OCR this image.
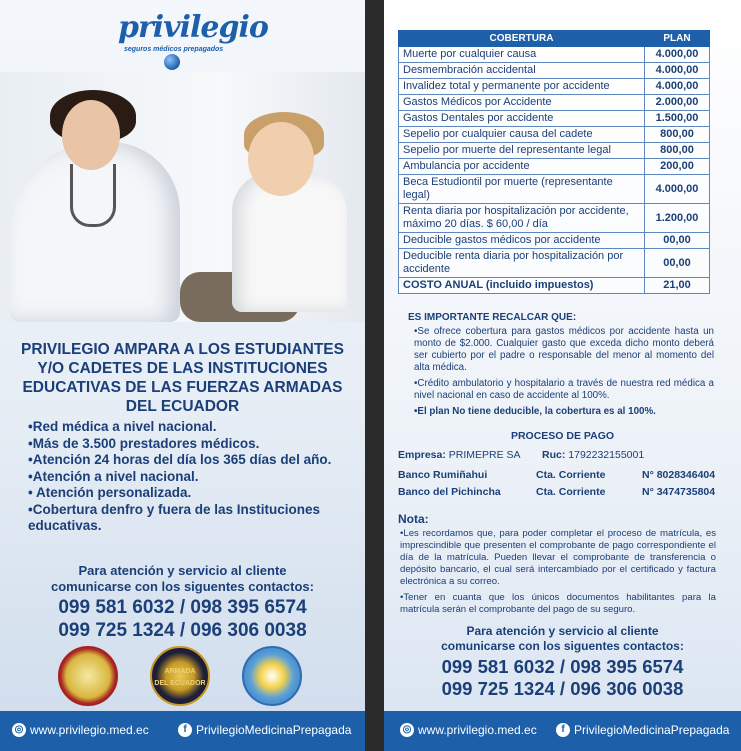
privilegio
seguros médicos prepagados
PRIVILEGIO AMPARA A LOS ESTUDIANTES Y/O CADETES DE LAS INSTITUCIONES EDUCATIVAS DE LAS FUERZAS ARMADAS DEL ECUADOR
•Red médica a nivel nacional.
•Más de 3.500 prestadores médicos.
•Atención 24 horas del día los 365 días del año.
•Atención a nivel nacional.
• Atención personalizada.
•Cobertura denfro y fuera de las Instituciones educativas.
Para atención y servicio al cliente
comunicarse con los siguentes contactos:
099 581 6032 / 098 395 6574
099 725 1324 / 096 306 0038
ARMADA
DEL ECUADOR
◎ www.privilegio.med.ec	f PrivilegioMedicinaPrepagada
COBERTURA	PLAN
Muerte por cualquier causa	4.000,00
Desmembración accidental	4.000,00
Invalidez total y permanente por accidente	4.000,00
Gastos Médicos por Accidente	2.000,00
Gastos Dentales por accidente	1.500,00
Sepelio por cualquier causa del cadete	800,00
Sepelio por muerte del representante legal	800,00
Ambulancia por accidente	200,00
Beca Estudiontil por muerte (representante legal)	4.000,00
Renta diaria por hospitalización por accidente, máximo 20 días. $ 60,00 / día	1.200,00
Deducible gastos médicos por accidente	00,00
Deducible renta diaria por hospitalización por accidente	00,00
COSTO ANUAL (incluido impuestos)	21,00
ES IMPORTANTE RECALCAR QUE:
•Se ofrece cobertura para gastos médicos por accidente hasta un monto de $2.000. Cualquier gasto que exceda dicho monto deberá ser cubierto por el padre o responsable del menor al momento del alta médica.
•Crédito ambulatorio y hospitalario a través de nuestra red médica a nivel nacional en caso de accidente al 100%.
•El plan No tiene deducible, la cobertura es al 100%.
PROCESO DE PAGO
Empresa: PRIMEPRE SA Ruc: 1792232155001
Banco Rumiñahui	Cta. Corriente	N° 8028346404
Banco del Pichincha	Cta. Corriente	N° 3474735804
Nota:
•Les recordamos que, para poder completar el proceso de matrícula, es imprescindible que presenten el comprobante de pago correspondiente el día de la matrícula. Pueden llevar el comprobante de transferencia o depósito bancario, el cual será intercambiado por el certificado y factura electrónica a su correo.
•Tener en cuanta que los únicos documentos habilitantes para la matrícula serán el comprobante del pago de su seguro.
Para atención y servicio al cliente
comunicarse con los siguentes contactos:
099 581 6032 / 098 395 6574
099 725 1324 / 096 306 0038
◎ www.privilegio.med.ec	f PrivilegioMedicinaPrepagada
